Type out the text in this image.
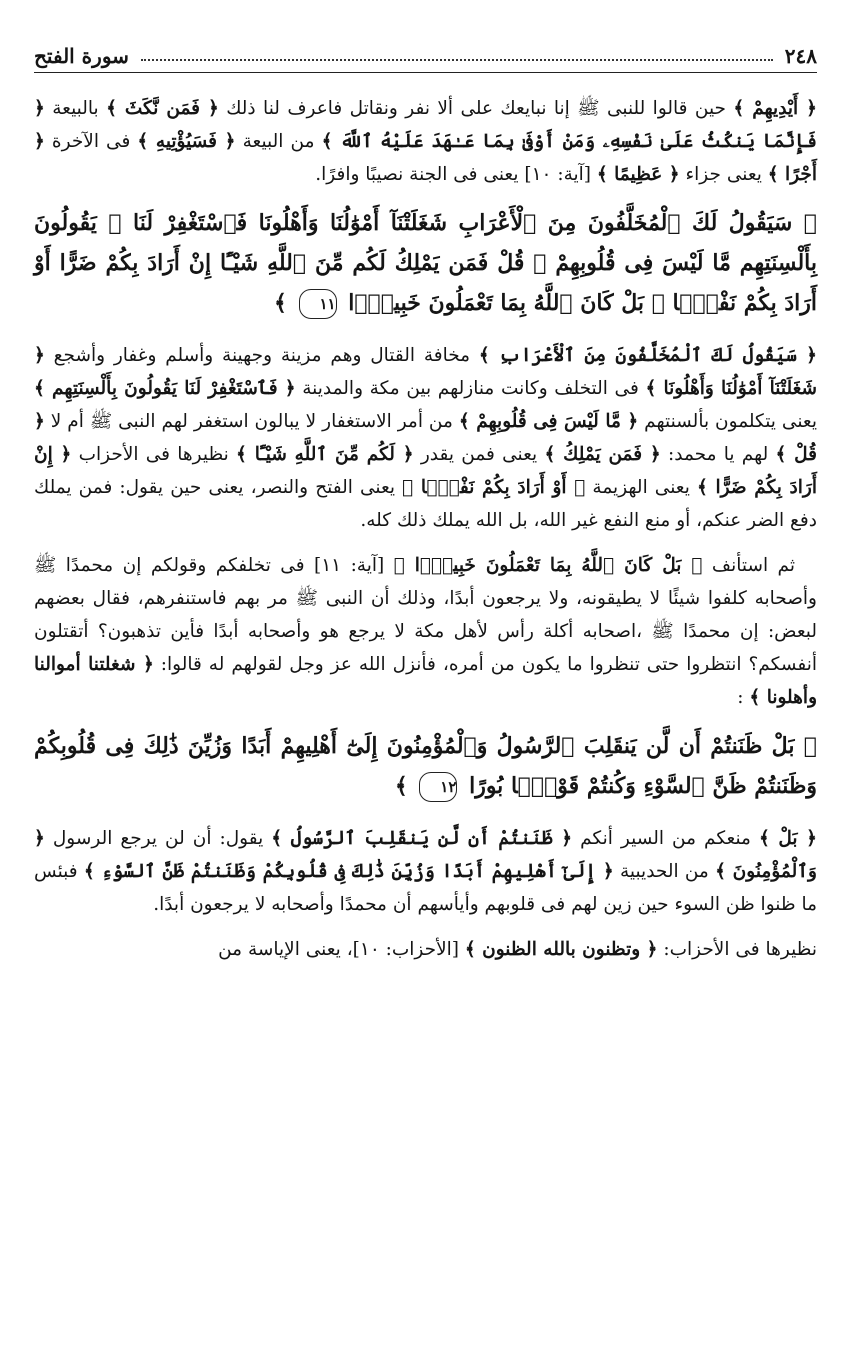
٢٤٨
سورة الفتح

﴿ أَيْدِيهِمْ ﴾ حين قالوا للنبى ﷺ إنا نبايعك على ألا نفر ونقاتل فاعرف لنا ذلك ﴿ فَمَن نَّكَثَ ﴾ بالبيعة ﴿ فَإِنَّمَا يَنكُثُ عَلَىٰ نَفْسِهِۦ وَمَنْ أَوْفَىٰ بِمَا عَـٰهَدَ عَلَيْهُ ٱللَّهَ ﴾ من البيعة ﴿ فَسَيُؤْتِيهِ ﴾ فى الآخرة ﴿ أَجْرًا ﴾ يعنى جزاء ﴿ عَظِيمًا ﴾ [آية: ١٠] يعنى فى الجنة نصيبًا وافرًا.

﴿ سَيَقُولُ لَكَ ٱلْمُخَلَّفُونَ مِنَ ٱلْأَعْرَابِ شَغَلَتْنَآ أَمْوَٰلُنَا وَأَهْلُونَا فَٱسْتَغْفِرْ لَنَا ۚ يَقُولُونَ بِأَلْسِنَتِهِم مَّا لَيْسَ فِى قُلُوبِهِمْ ۚ قُلْ فَمَن يَمْلِكُ لَكُم مِّنَ ٱللَّهِ شَيْـًٔا إِنْ أَرَادَ بِكُمْ ضَرًّا أَوْ أَرَادَ بِكُمْ نَفْعًۢا ۚ بَلْ كَانَ ٱللَّهُ بِمَا تَعْمَلُونَ خَبِيرًۢا ١١ ﴾

﴿ سَيَقُولُ لَكَ ٱلْمُخَلَّفُونَ مِنَ ٱلْأَعْرَابِ ﴾ مخافة القتال وهم مزينة وجهينة وأسلم وغفار وأشجع ﴿ شَغَلَتْنَآ أَمْوَٰلُنَا وَأَهْلُونَا ﴾ فى التخلف وكانت منازلهم بين مكة والمدينة ﴿ فَٱسْتَغْفِرْ لَنَا يَقُولُونَ بِأَلْسِنَتِهِم ﴾ يعنى يتكلمون بألسنتهم ﴿ مَّا لَيْسَ فِى قُلُوبِهِمْ ﴾ من أمر الاستغفار لا يبالون استغفر لهم النبى ﷺ أم لا ﴿ قُلْ ﴾ لهم يا محمد: ﴿ فَمَن يَمْلِكُ ﴾ يعنى فمن يقدر ﴿ لَكُم مِّنَ ٱللَّهِ شَيْـًٔا ﴾ نظيرها فى الأحزاب ﴿ إِنْ أَرَادَ بِكُمْ ضَرًّا ﴾ يعنى الهزيمة ﴿ أَوْ أَرَادَ بِكُمْ نَفْعًۢا ﴾ يعنى الفتح والنصر، يعنى حين يقول: فمن يملك دفع الضر عنكم، أو منع النفع غير الله، بل الله يملك ذلك كله.

ثم استأنف ﴿ بَلْ كَانَ ٱللَّهُ بِمَا تَعْمَلُونَ خَبِيرًۢا ﴾ [آية: ١١] فى تخلفكم وقولكم إن محمدًا ﷺ وأصحابه كلفوا شيئًا لا يطيقونه، ولا يرجعون أبدًا، وذلك أن النبى ﷺ مر بهم فاستنفرهم، فقال بعضهم لبعض: إن محمدًا ﷺ ،اصحابه أكلة رأس لأهل مكة لا يرجع هو وأصحابه أبدًا فأين تذهبون؟ أتقتلون أنفسكم؟ انتظروا حتى تنظروا ما يكون من أمره، فأنزل الله عز وجل لقولهم له قالوا: ﴿ شغلتنا أموالنا وأهلونا ﴾ :

﴿ بَلْ ظَنَنتُمْ أَن لَّن يَنقَلِبَ ٱلرَّسُولُ وَٱلْمُؤْمِنُونَ إِلَىٰٓ أَهْلِيهِمْ أَبَدًا وَزُيِّنَ ذَٰلِكَ فِى قُلُوبِكُمْ وَظَنَنتُمْ ظَنَّ ٱلسَّوْءِ وَكُنتُمْ قَوْمًۢا بُورًا ١٢ ﴾

﴿ بَلْ ﴾ منعكم من السير أنكم ﴿ ظَنَنتُمْ أَن لَّن يَنقَلِبَ ٱلرَّسُولُ ﴾ يقول: أن لن يرجع الرسول ﴿ وَٱلْمُؤْمِنُونَ ﴾ من الحديبية ﴿ إِلَىٰٓ أَهْلِيهِمْ أَبَدًا وَزُيِّنَ ذَٰلِكَ فِى قُلُوبِكُمْ وَظَنَنتُمْ ظَنَّ ٱلسَّوْءِ ﴾ فبئس ما ظنوا ظن السوء حين زين لهم فى قلوبهم وأيأسهم أن محمدًا وأصحابه لا يرجعون أبدًا.

نظيرها فى الأحزاب: ﴿ وتظنون بالله الظنون ﴾ [الأحزاب: ١٠]، يعنى الإياسة من
